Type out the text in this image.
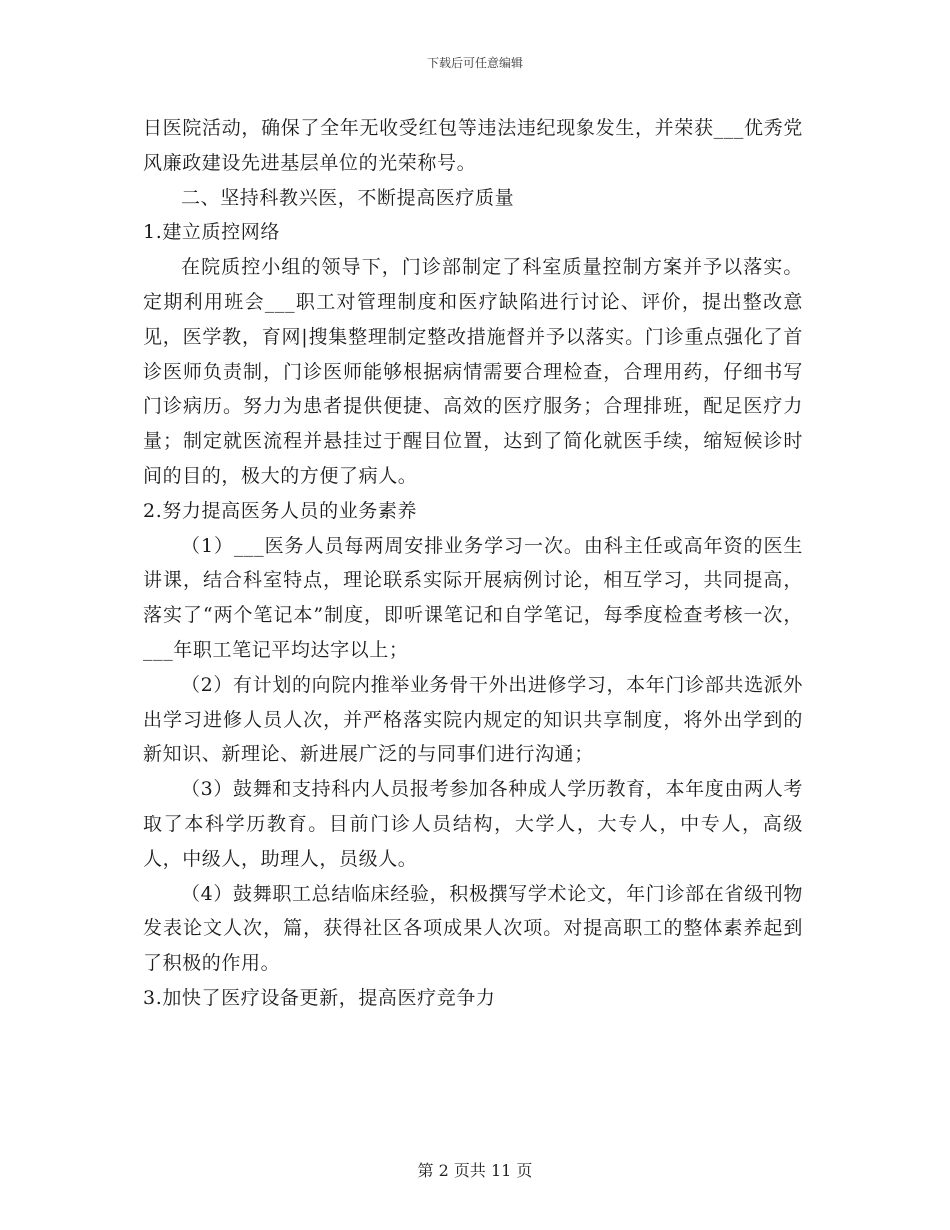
下载后可任意编辑

日医院活动，确保了全年无收受红包等违法违纪现象发生，并荣获___优秀党风廉政建设先进基层单位的光荣称号。

二、坚持科教兴医，不断提高医疗质量

1.建立质控网络

在院质控小组的领导下，门诊部制定了科室质量控制方案并予以落实。定期利用班会___职工对管理制度和医疗缺陷进行讨论、评价，提出整改意见，医学教，育网|搜集整理制定整改措施督并予以落实。门诊重点强化了首诊医师负责制，门诊医师能够根据病情需要合理检查，合理用药，仔细书写门诊病历。努力为患者提供便捷、高效的医疗服务；合理排班，配足医疗力量；制定就医流程并悬挂过于醒目位置，达到了简化就医手续，缩短候诊时间的目的，极大的方便了病人。

2.努力提高医务人员的业务素养

（1）___医务人员每两周安排业务学习一次。由科主任或高年资的医生讲课，结合科室特点，理论联系实际开展病例讨论，相互学习，共同提高，落实了“两个笔记本”制度，即听课笔记和自学笔记，每季度检查考核一次，___年职工笔记平均达字以上；

（2）有计划的向院内推举业务骨干外出进修学习，本年门诊部共选派外出学习进修人员人次，并严格落实院内规定的知识共享制度，将外出学到的新知识、新理论、新进展广泛的与同事们进行沟通；

（3）鼓舞和支持科内人员报考参加各种成人学历教育，本年度由两人考取了本科学历教育。目前门诊人员结构，大学人，大专人，中专人，高级人，中级人，助理人，员级人。

（4）鼓舞职工总结临床经验，积极撰写学术论文，年门诊部在省级刊物发表论文人次，篇，获得社区各项成果人次项。对提高职工的整体素养起到了积极的作用。

3.加快了医疗设备更新，提高医疗竞争力

第 2 页共 11 页
